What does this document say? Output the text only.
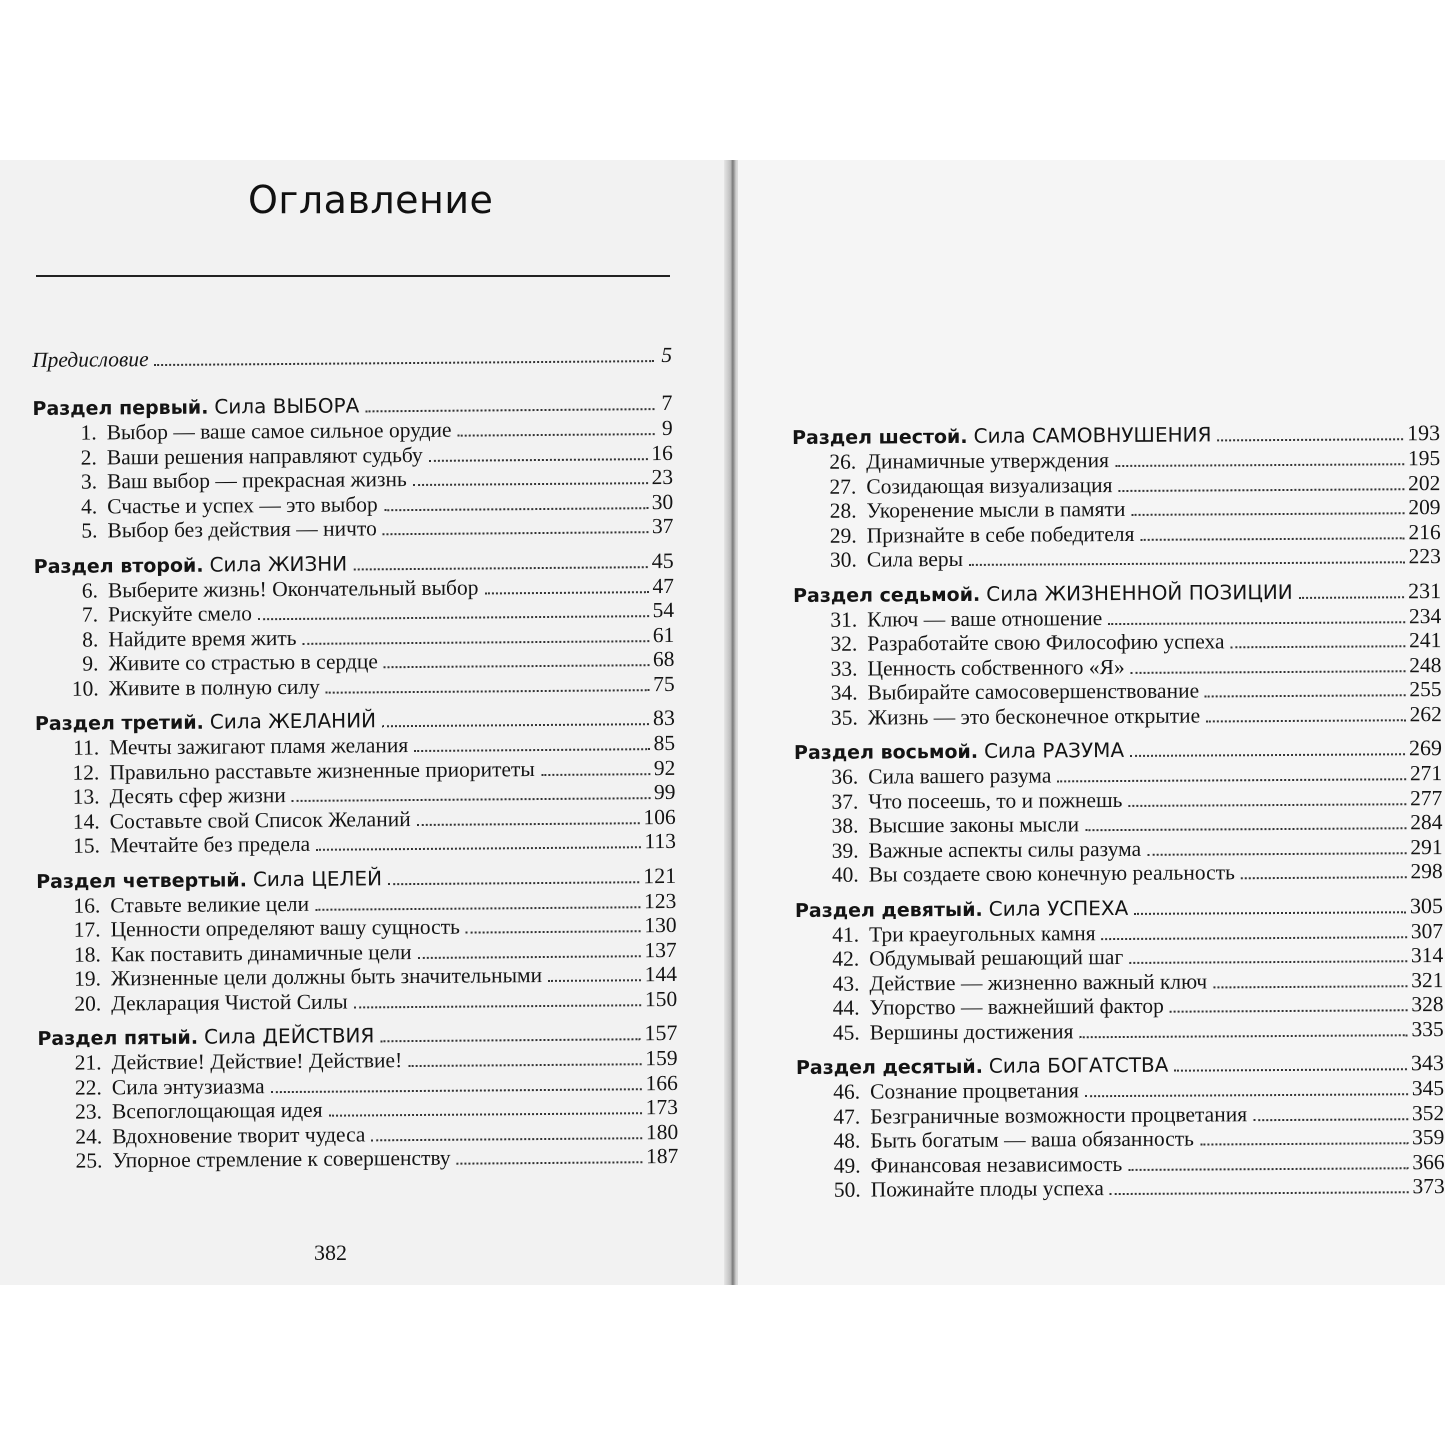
Оглавление
Предисловие	5
Раздел первый. Сила ВЫБОРА	7
1. Выбор — ваше самое сильное орудие	9
2. Ваши решения направляют судьбу	16
3. Ваш выбор — прекрасная жизнь	23
4. Счастье и успех — это выбор	30
5. Выбор без действия — ничто	37
Раздел второй. Сила ЖИЗНИ	45
6. Выберите жизнь! Окончательный выбор	47
7. Рискуйте смело	54
8. Найдите время жить	61
9. Живите со страстью в сердце	68
10. Живите в полную силу	75
Раздел третий. Сила ЖЕЛАНИЙ	83
11. Мечты зажигают пламя желания	85
12. Правильно расставьте жизненные приоритеты	92
13. Десять сфер жизни	99
14. Составьте свой Список Желаний	106
15. Мечтайте без предела	113
Раздел четвертый. Сила ЦЕЛЕЙ	121
16. Ставьте великие цели	123
17. Ценности определяют вашу сущность	130
18. Как поставить динамичные цели	137
19. Жизненные цели должны быть значительными	144
20. Декларация Чистой Силы	150
Раздел пятый. Сила ДЕЙСТВИЯ	157
21. Действие! Действие! Действие!	159
22. Сила энтузиазма	166
23. Всепоглощающая идея	173
24. Вдохновение творит чудеса	180
25. Упорное стремление к совершенству	187
382
Раздел шестой. Сила САМОВНУШЕНИЯ	193
26. Динамичные утверждения	195
27. Созидающая визуализация	202
28. Укоренение мысли в памяти	209
29. Признайте в себе победителя	216
30. Сила веры	223
Раздел седьмой. Сила ЖИЗНЕННОЙ ПОЗИЦИИ	231
31. Ключ — ваше отношение	234
32. Разработайте свою Философию успеха	241
33. Ценность собственного «Я»	248
34. Выбирайте самосовершенствование	255
35. Жизнь — это бесконечное открытие	262
Раздел восьмой. Сила РАЗУМА	269
36. Сила вашего разума	271
37. Что посеешь, то и пожнешь	277
38. Высшие законы мысли	284
39. Важные аспекты силы разума	291
40. Вы создаете свою конечную реальность	298
Раздел девятый. Сила УСПЕХА	305
41. Три краеугольных камня	307
42. Обдумывай решающий шаг	314
43. Действие — жизненно важный ключ	321
44. Упорство — важнейший фактор	328
45. Вершины достижения	335
Раздел десятый. Сила БОГАТСТВА	343
46. Сознание процветания	345
47. Безграничные возможности процветания	352
48. Быть богатым — ваша обязанность	359
49. Финансовая независимость	366
50. Пожинайте плоды успеха	373
